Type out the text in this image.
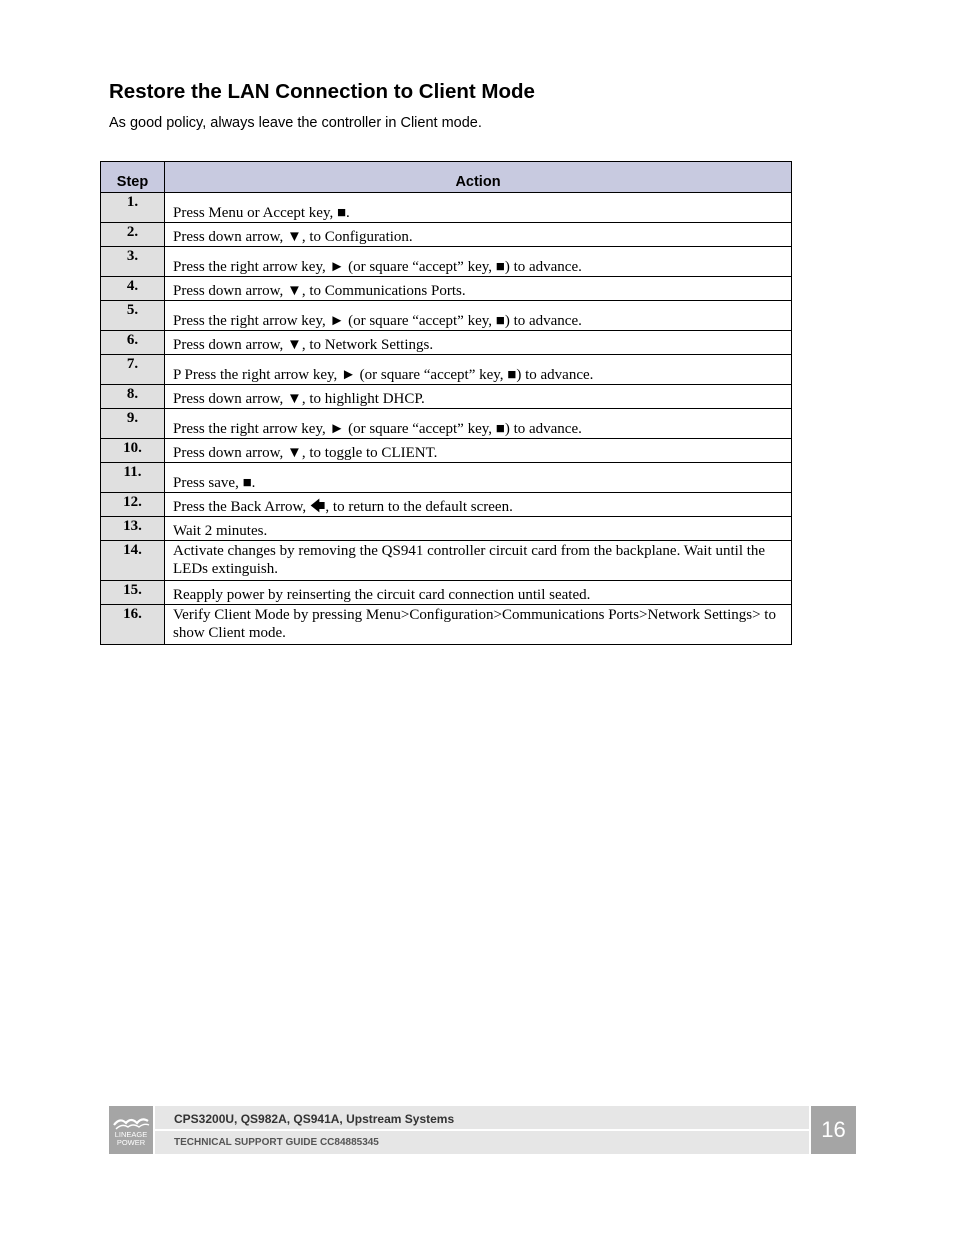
Restore the LAN Connection to Client Mode
As good policy, always leave the controller in Client mode.
Step	Action
1.	Press Menu or Accept key, ■.
2.	Press down arrow, ▼, to Configuration.
3.	Press the right arrow key, ► (or square “accept” key, ■) to advance.
4.	Press down arrow, ▼, to Communications Ports.
5.	Press the right arrow key, ► (or square “accept” key, ■) to advance.
6.	Press down arrow, ▼, to Network Settings.
7.	P Press the right arrow key, ► (or square “accept” key, ■) to advance.
8.	Press down arrow, ▼, to highlight DHCP.
9.	Press the right arrow key, ► (or square “accept” key, ■) to advance.
10.	Press down arrow, ▼, to toggle to CLIENT.
11.	Press save, ■.
12.	Press the Back Arrow, 🡄, to return to the default screen.
13.	Wait 2 minutes.
14.	Activate changes by removing the QS941 controller circuit card from the backplane. Wait until the LEDs extinguish.
15.	Reapply power by reinserting the circuit card connection until seated.
16.	Verify Client Mode by pressing Menu>Configuration>Communications Ports>Network Settings> to show Client mode.
LINEAGE
POWER
CPS3200U, QS982A, QS941A, Upstream Systems
TECHNICAL SUPPORT GUIDE CC84885345
16
